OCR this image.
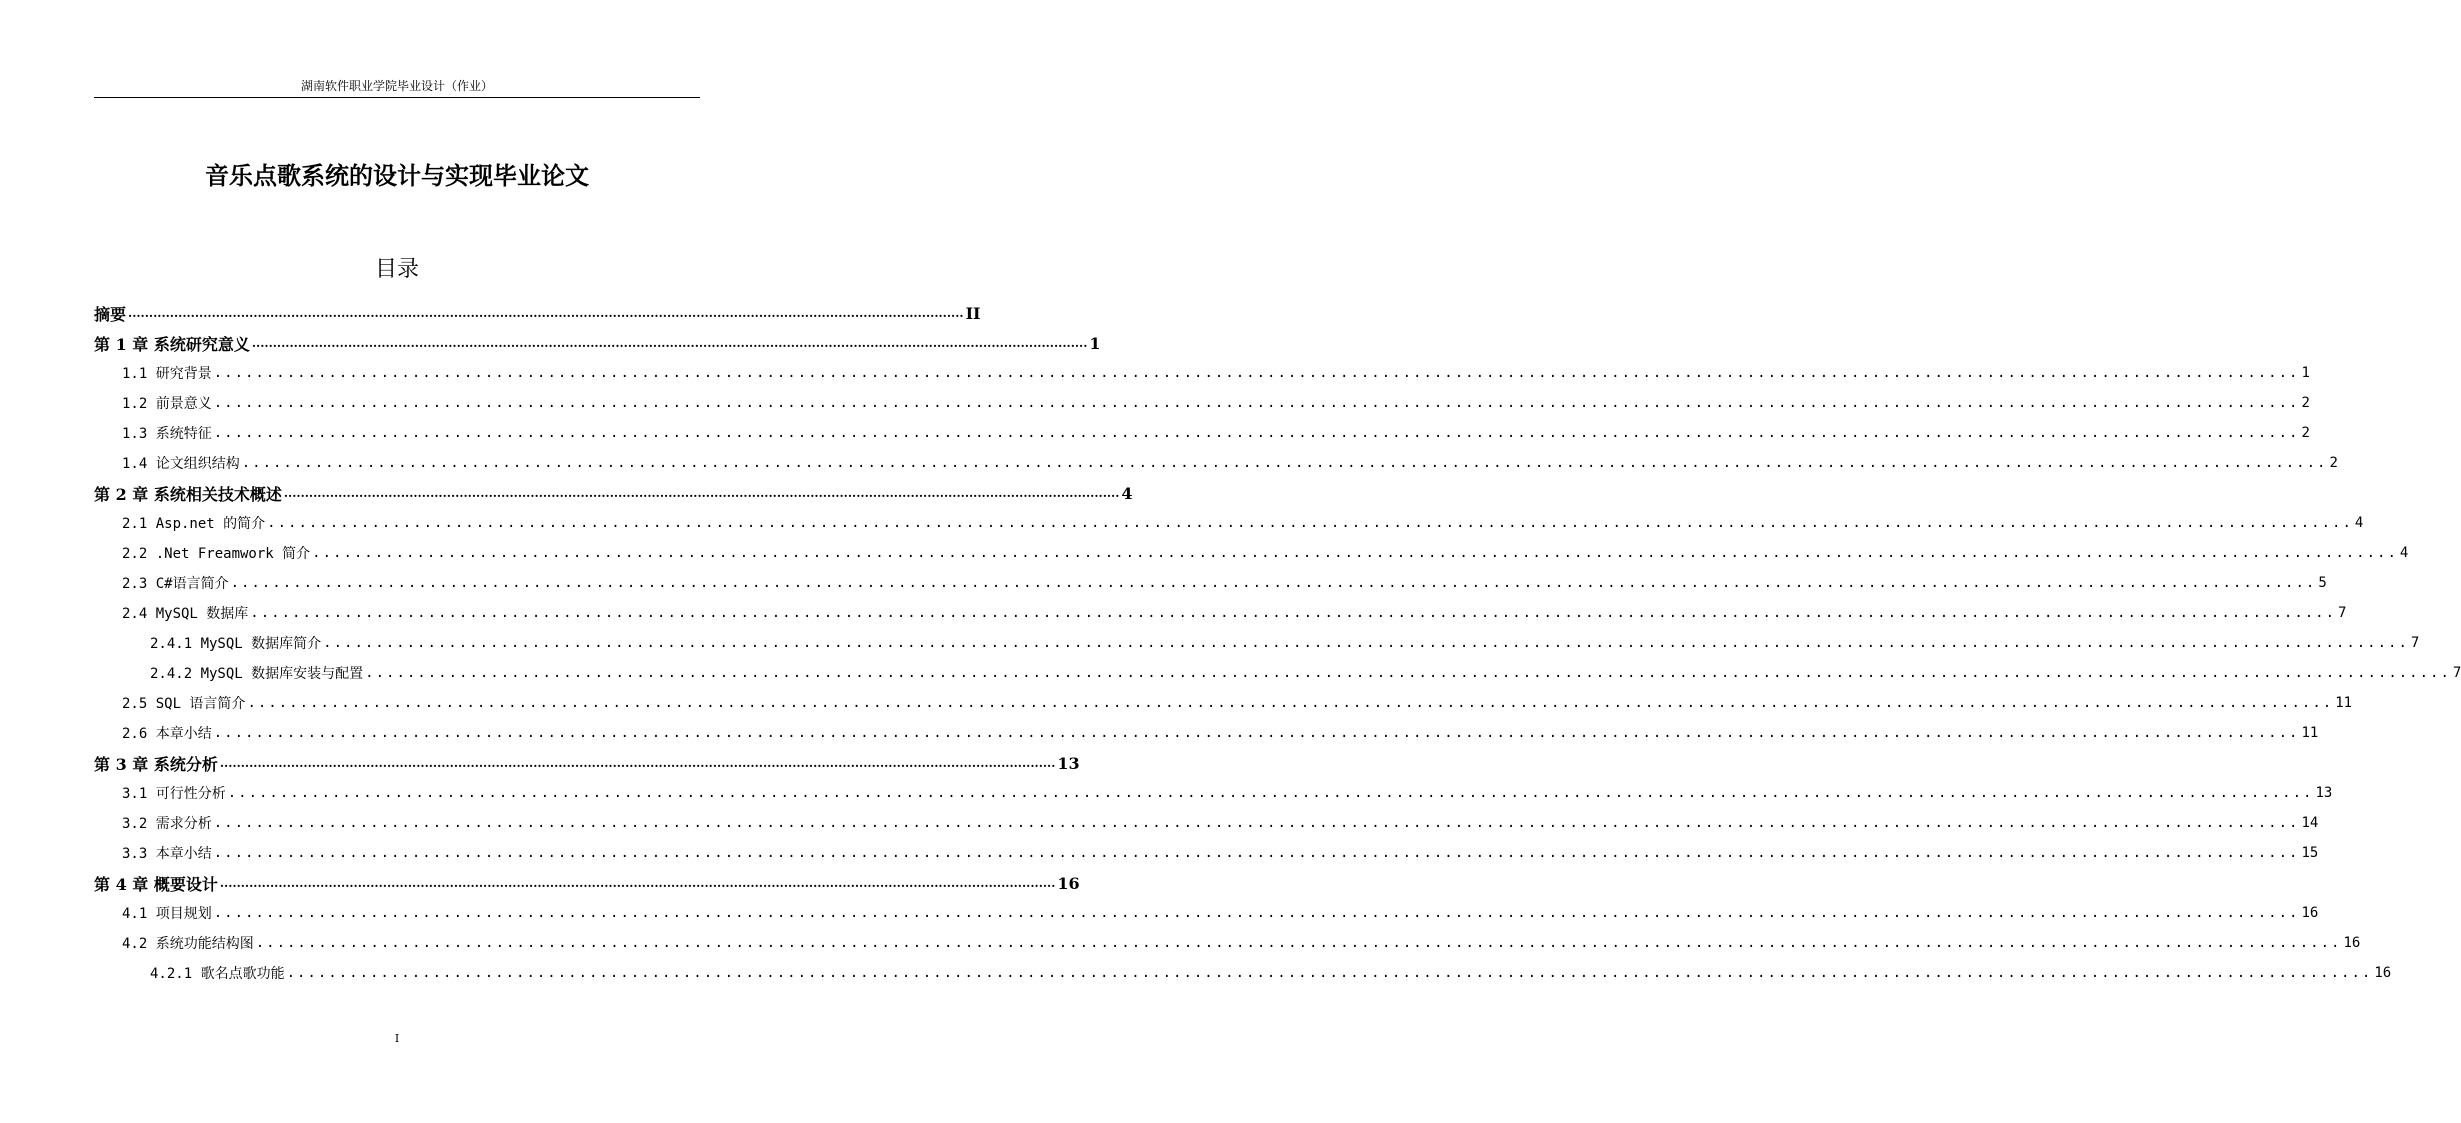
湖南软件职业学院毕业设计（作业）
音乐点歌系统的设计与实现毕业论文
目录
摘要 ........................................................................................................................................................................................................ II
第 1 章 系统研究意义 ........................................................................................................................................................................................................ 1
1.1 研究背景 ........................................................................................................................................................................................................ 1
1.2 前景意义 ........................................................................................................................................................................................................ 2
1.3 系统特征 ........................................................................................................................................................................................................ 2
1.4 论文组织结构 ........................................................................................................................................................................................................ 2
第 2 章 系统相关技术概述 ........................................................................................................................................................................................................ 4
2.1 Asp.net 的简介 ........................................................................................................................................................................................................ 4
2.2 .Net Freamwork 简介 ........................................................................................................................................................................................................ 4
2.3 C#语言简介 ........................................................................................................................................................................................................ 5
2.4 MySQL 数据库 ........................................................................................................................................................................................................ 7
2.4.1 MySQL 数据库简介 ........................................................................................................................................................................................................ 7
2.4.2 MySQL 数据库安装与配置 ........................................................................................................................................................................................................ 7
2.5 SQL 语言简介 ........................................................................................................................................................................................................ 11
2.6 本章小结 ........................................................................................................................................................................................................ 11
第 3 章 系统分析 ........................................................................................................................................................................................................ 13
3.1 可行性分析 ........................................................................................................................................................................................................ 13
3.2 需求分析 ........................................................................................................................................................................................................ 14
3.3 本章小结 ........................................................................................................................................................................................................ 15
第 4 章 概要设计 ........................................................................................................................................................................................................ 16
4.1 项目规划 ........................................................................................................................................................................................................ 16
4.2 系统功能结构图 ........................................................................................................................................................................................................ 16
4.2.1 歌名点歌功能 ........................................................................................................................................................................................................ 16
I
